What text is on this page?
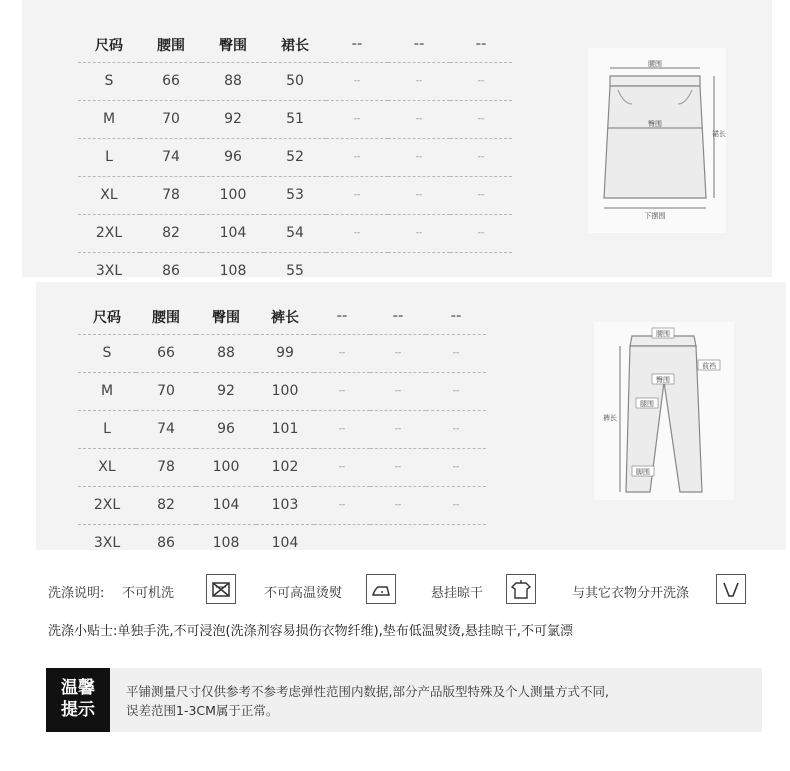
尺码	腰围	臀围	裙长	--	--	--
S	66	88	50	--	--	--
M	70	92	51	--	--	--
L	74	96	52	--	--	--
XL	78	100	53	--	--	--
2XL	82	104	54	--	--	--
3XL	86	108	55			
腰围
臀围
裙长
下摆围
尺码	腰围	臀围	裤长	--	--	--
S	66	88	99	--	--	--
M	70	92	100	--	--	--
L	74	96	101	--	--	--
XL	78	100	102	--	--	--
2XL	82	104	103	--	--	--
3XL	86	108	104			
腰围
前裆
臀围
腿围
裤长
脚围
洗涤说明: 不可机洗	不可高温烫熨	悬挂晾干	与其它衣物分开洗涤
洗涤小贴士:单独手洗,不可浸泡(洗涤剂容易损伤衣物纤维),垫布低温熨烫,悬挂晾干,不可氯漂
温馨
提示
平铺测量尺寸仅供参考不参考虑弹性范围内数据,部分产品版型特殊及个人测量方式不同,
误差范围1-3CM属于正常。
